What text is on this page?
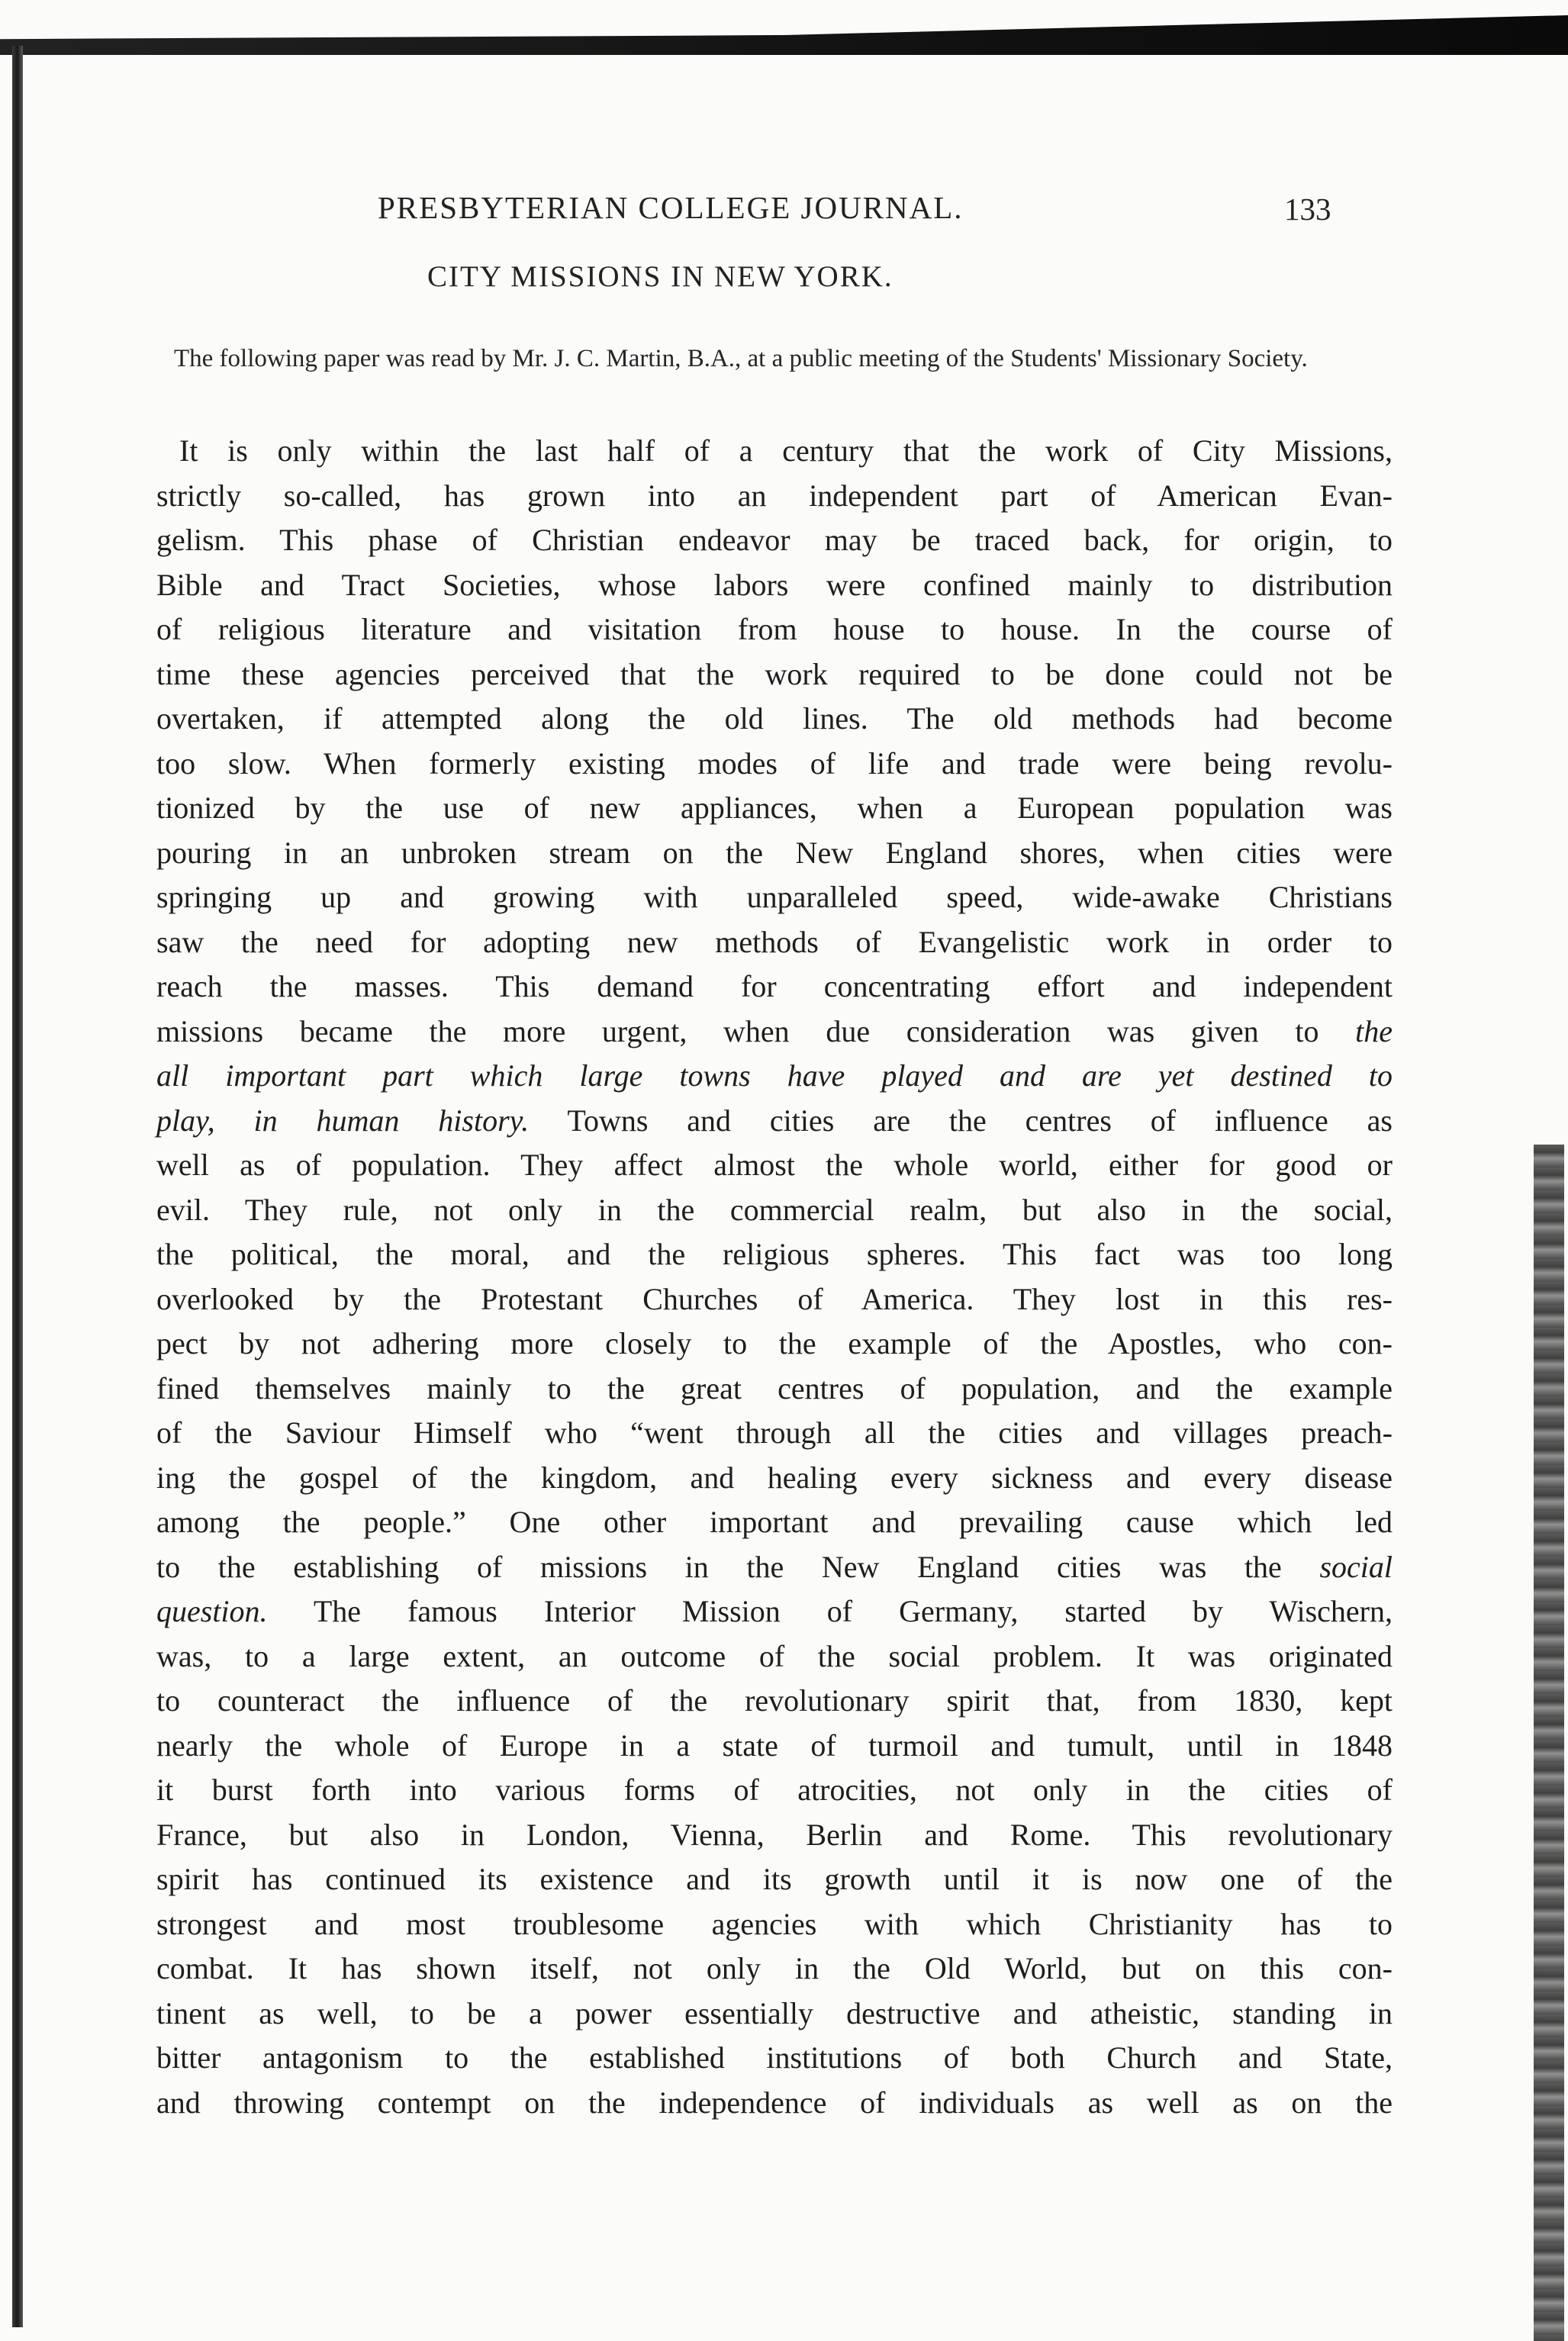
PRESBYTERIAN COLLEGE JOURNAL.	133
CITY MISSIONS IN NEW YORK.
The following paper was read by Mr. J. C. Martin, B.A., at a public meeting of the Students' Missionary Society.
It is only within the last half of a century that the work of City Missions,
strictly so-called, has grown into an independent part of American Evan-
gelism. This phase of Christian endeavor may be traced back, for origin, to
Bible and Tract Societies, whose labors were confined mainly to distribution
of religious literature and visitation from house to house. In the course of
time these agencies perceived that the work required to be done could not be
overtaken, if attempted along the old lines. The old methods had become
too slow. When formerly existing modes of life and trade were being revolu-
tionized by the use of new appliances, when a European population was
pouring in an unbroken stream on the New England shores, when cities were
springing up and growing with unparalleled speed, wide-awake Christians
saw the need for adopting new methods of Evangelistic work in order to
reach the masses. This demand for concentrating effort and independent
missions became the more urgent, when due consideration was given to the
all important part which large towns have played and are yet destined to
play, in human history. Towns and cities are the centres of influence as
well as of population. They affect almost the whole world, either for good or
evil. They rule, not only in the commercial realm, but also in the social,
the political, the moral, and the religious spheres. This fact was too long
overlooked by the Protestant Churches of America. They lost in this res-
pect by not adhering more closely to the example of the Apostles, who con-
fined themselves mainly to the great centres of population, and the example
of the Saviour Himself who “went through all the cities and villages preach-
ing the gospel of the kingdom, and healing every sickness and every disease
among the people.” One other important and prevailing cause which led
to the establishing of missions in the New England cities was the social
question. The famous Interior Mission of Germany, started by Wischern,
was, to a large extent, an outcome of the social problem. It was originated
to counteract the influence of the revolutionary spirit that, from 1830, kept
nearly the whole of Europe in a state of turmoil and tumult, until in 1848
it burst forth into various forms of atrocities, not only in the cities of
France, but also in London, Vienna, Berlin and Rome. This revolutionary
spirit has continued its existence and its growth until it is now one of the
strongest and most troublesome agencies with which Christianity has to
combat. It has shown itself, not only in the Old World, but on this con-
tinent as well, to be a power essentially destructive and atheistic, standing in
bitter antagonism to the established institutions of both Church and State,
and throwing contempt on the independence of individuals as well as on the
